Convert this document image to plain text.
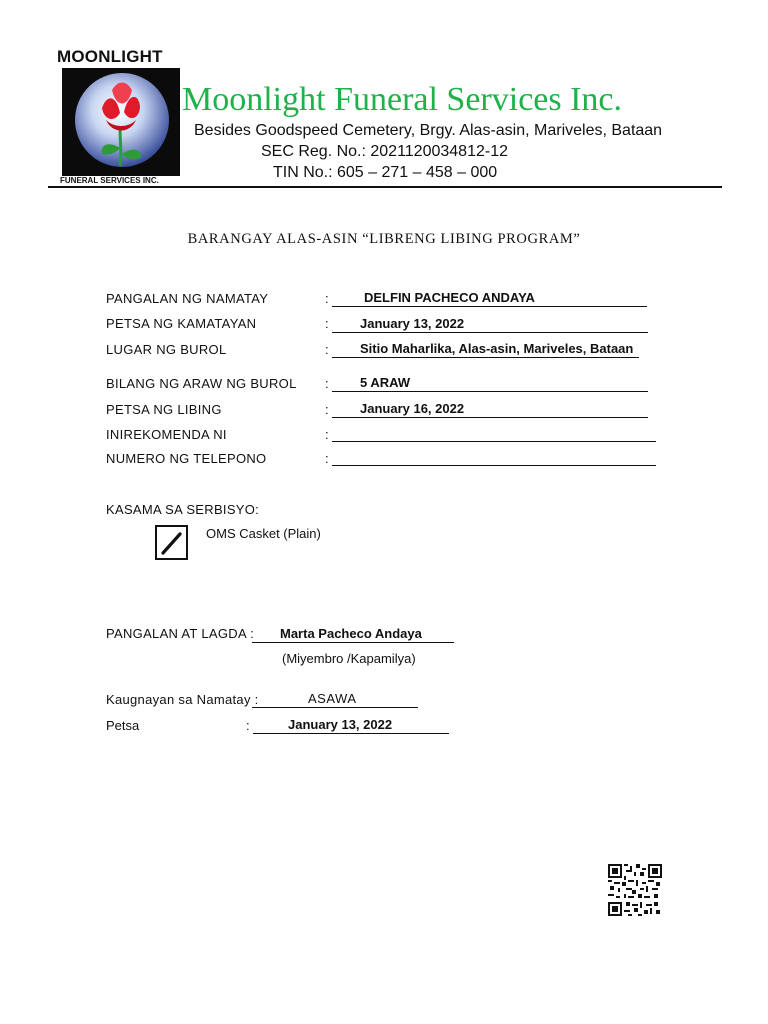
MOONLIGHT
FUNERAL SERVICES INC.
Moonlight Funeral Services Inc.
Besides Goodspeed Cemetery, Brgy. Alas-asin, Mariveles, Bataan
SEC Reg. No.: 2021120034812-12
TIN No.: 605 – 271 – 458 – 000
BARANGAY ALAS-ASIN “LIBRENG LIBING PROGRAM”
PANGALAN NG NAMATAY	:	DELFIN PACHECO ANDAYA
PETSA NG KAMATAYAN	:	January 13, 2022
LUGAR NG BUROL	:	Sitio Maharlika, Alas-asin, Mariveles, Bataan
BILANG NG ARAW NG BUROL :	5 ARAW
PETSA NG LIBING	:	January 16, 2022
INIREKOMENDA NI	:
NUMERO NG TELEPONO	:
KASAMA SA SERBISYO:
OMS Casket (Plain)
PANGALAN AT LAGDA :	Marta Pacheco Andaya
(Miyembro /Kapamilya)
Kaugnayan sa Namatay :	ASAWA
Petsa	:	January 13, 2022
